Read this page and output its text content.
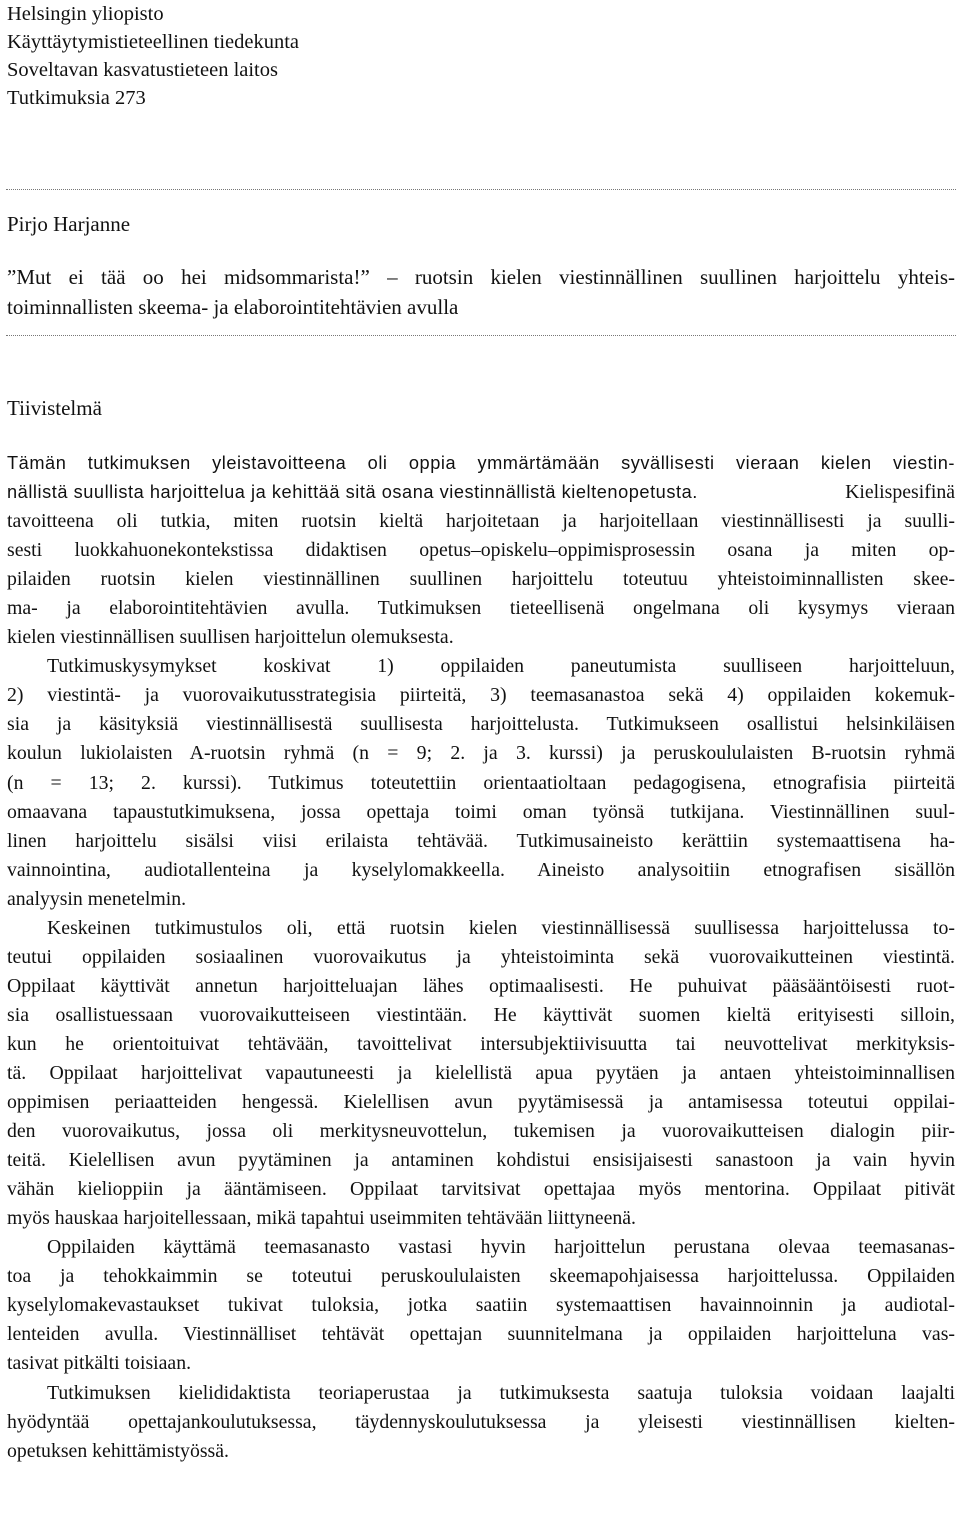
Helsingin yliopisto
Käyttäytymistieteellinen tiedekunta
Soveltavan kasvatustieteen laitos
Tutkimuksia 273
Pirjo Harjanne
”Mut ei tää oo hei midsommarista!” – ruotsin kielen viestinnällinen suullinen harjoittelu yhteis-
toiminnallisten skeema- ja elaborointitehtävien avulla
Tiivistelmä
Tämän tutkimuksen yleistavoitteena oli oppia ymmärtämään syvällisesti vieraan kielen viestin-
nällistä suullista harjoittelua ja kehittää sitä osana viestinnällistä kieltenopetusta.	Kielispesifinä
tavoitteena oli tutkia, miten ruotsin kieltä harjoitetaan ja harjoitellaan viestinnällisesti ja suulli-
sesti luokkahuonekontekstissa didaktisen opetus–opiskelu–oppimisprosessin osana ja miten op-
pilaiden ruotsin kielen viestinnällinen suullinen harjoittelu toteutuu yhteistoiminnallisten skee-
ma- ja elaborointitehtävien avulla. Tutkimuksen tieteellisenä ongelmana oli kysymys vieraan
kielen viestinnällisen suullisen harjoittelun olemuksesta.
Tutkimuskysymykset koskivat 1) oppilaiden paneutumista suulliseen harjoitteluun,
2) viestintä- ja vuorovaikutusstrategisia piirteitä, 3) teemasanastoa sekä 4) oppilaiden kokemuk-
sia ja käsityksiä viestinnällisestä suullisesta harjoittelusta. Tutkimukseen osallistui helsinkiläisen
koulun lukiolaisten A-ruotsin ryhmä (n = 9; 2. ja 3. kurssi) ja peruskoululaisten B-ruotsin ryhmä
(n = 13; 2. kurssi). Tutkimus toteutettiin orientaatioltaan pedagogisena, etnografisia piirteitä
omaavana tapaustutkimuksena, jossa opettaja toimi oman työnsä tutkijana. Viestinnällinen suul-
linen harjoittelu sisälsi viisi erilaista tehtävää. Tutkimusaineisto kerättiin systemaattisena ha-
vainnointina, audiotallenteina ja kyselylomakkeella. Aineisto analysoitiin etnografisen sisällön
analyysin menetelmin.
Keskeinen tutkimustulos oli, että ruotsin kielen viestinnällisessä suullisessa harjoittelussa to-
teutui oppilaiden sosiaalinen vuorovaikutus ja yhteistoiminta sekä vuorovaikutteinen viestintä.
Oppilaat käyttivät annetun harjoitteluajan lähes optimaalisesti. He puhuivat pääsääntöisesti ruot-
sia osallistuessaan vuorovaikutteiseen viestintään. He käyttivät suomen kieltä erityisesti silloin,
kun he orientoituivat tehtävään, tavoittelivat intersubjektiivisuutta tai neuvottelivat merkityksis-
tä. Oppilaat harjoittelivat vapautuneesti ja kielellistä apua pyytäen ja antaen yhteistoiminnallisen
oppimisen periaatteiden hengessä. Kielellisen avun pyytämisessä ja antamisessa toteutui oppilai-
den vuorovaikutus, jossa oli merkitysneuvottelun, tukemisen ja vuorovaikutteisen dialogin piir-
teitä. Kielellisen avun pyytäminen ja antaminen kohdistui ensisijaisesti sanastoon ja vain hyvin
vähän kielioppiin ja ääntämiseen. Oppilaat tarvitsivat opettajaa myös mentorina. Oppilaat pitivät
myös hauskaa harjoitellessaan, mikä tapahtui useimmiten tehtävään liittyneenä.
Oppilaiden käyttämä teemasanasto vastasi hyvin harjoittelun perustana olevaa teemasanas-
toa ja tehokkaimmin se toteutui peruskoululaisten skeemapohjaisessa harjoittelussa. Oppilaiden
kyselylomakevastaukset tukivat tuloksia, jotka saatiin systemaattisen havainnoinnin ja audiotal-
lenteiden avulla. Viestinnälliset tehtävät opettajan suunnitelmana ja oppilaiden harjoitteluna vas-
tasivat pitkälti toisiaan.
Tutkimuksen kielididaktista teoriaperustaa ja tutkimuksesta saatuja tuloksia voidaan laajalti
hyödyntää opettajankoulutuksessa, täydennyskoulutuksessa ja yleisesti viestinnällisen kielten-
opetuksen kehittämistyössä.
